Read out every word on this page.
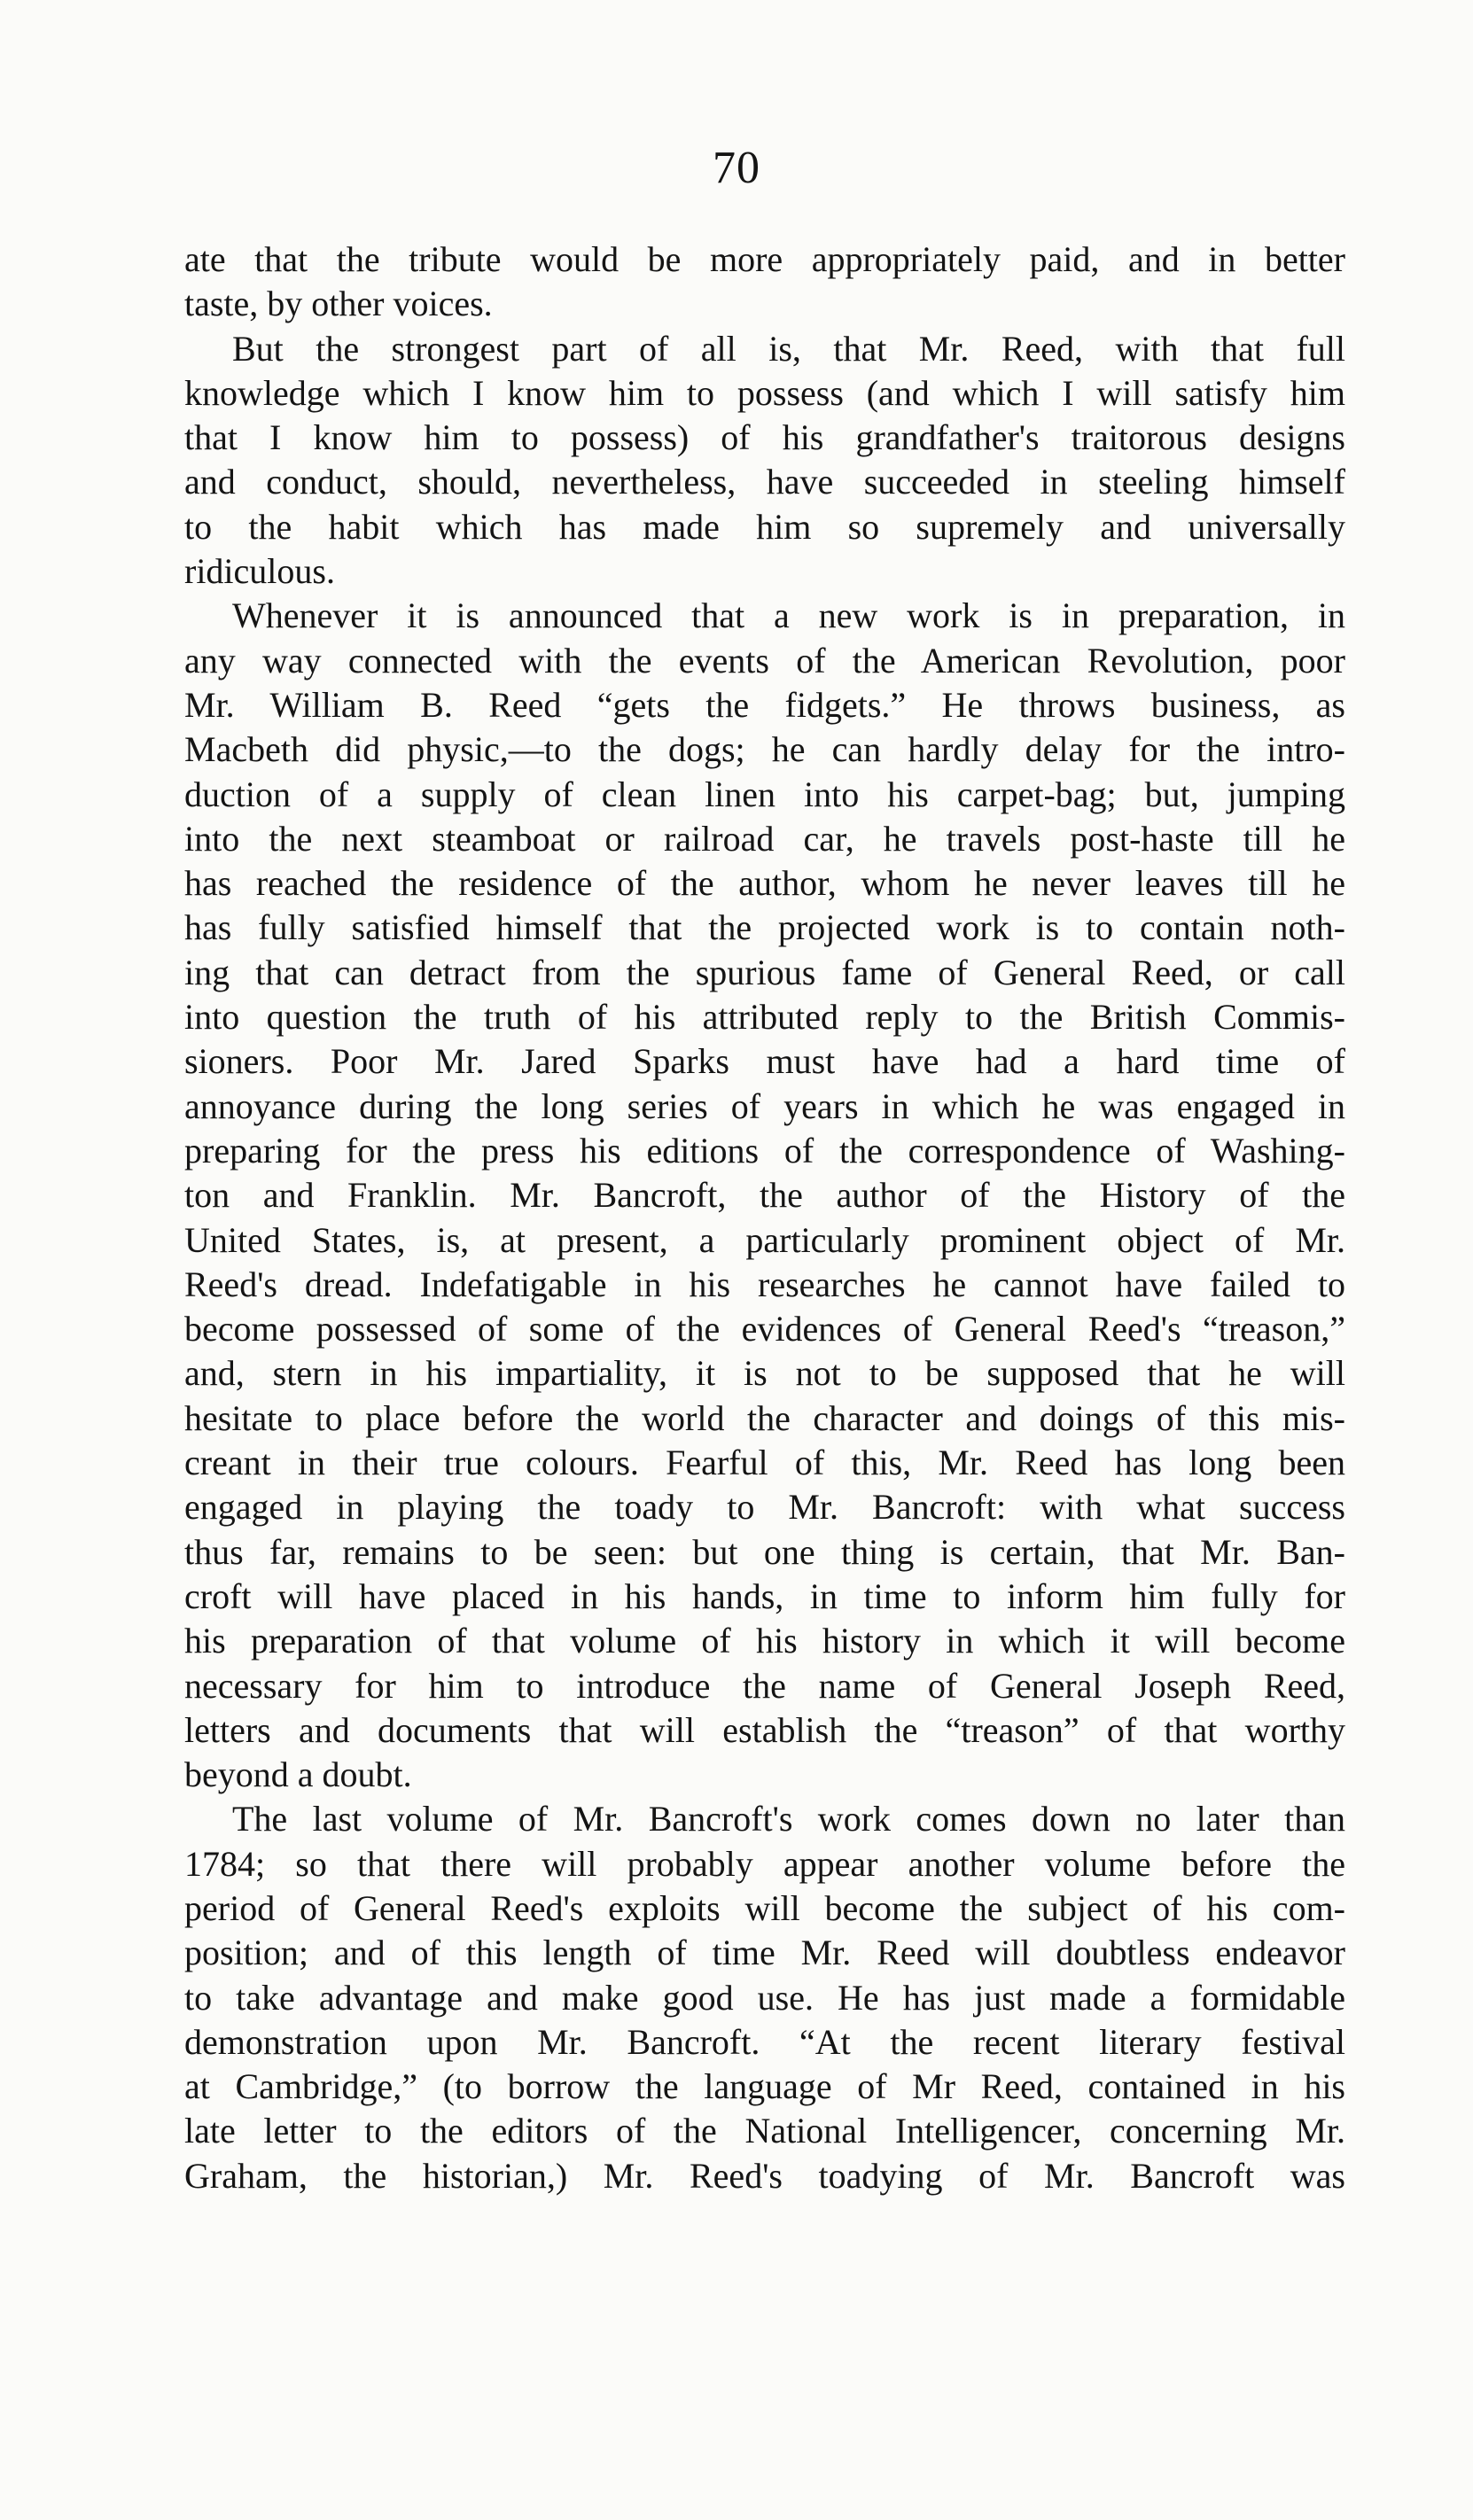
70
ate that the tribute would be more appropriately paid, and in better
taste, by other voices.
But the strongest part of all is, that Mr. Reed, with that full
knowledge which I know him to possess (and which I will satisfy him
that I know him to possess) of his grandfather's traitorous designs
and conduct, should, nevertheless, have succeeded in steeling himself
to the habit which has made him so supremely and universally
ridiculous.
Whenever it is announced that a new work is in preparation, in
any way connected with the events of the American Revolution, poor
Mr. William B. Reed “gets the fidgets.” He throws business, as
Macbeth did physic,—to the dogs; he can hardly delay for the intro-
duction of a supply of clean linen into his carpet-bag; but, jumping
into the next steamboat or railroad car, he travels post-haste till he
has reached the residence of the author, whom he never leaves till he
has fully satisfied himself that the projected work is to contain noth-
ing that can detract from the spurious fame of General Reed, or call
into question the truth of his attributed reply to the British Commis-
sioners. Poor Mr. Jared Sparks must have had a hard time of
annoyance during the long series of years in which he was engaged in
preparing for the press his editions of the correspondence of Washing-
ton and Franklin. Mr. Bancroft, the author of the History of the
United States, is, at present, a particularly prominent object of Mr.
Reed's dread. Indefatigable in his researches he cannot have failed to
become possessed of some of the evidences of General Reed's “treason,”
and, stern in his impartiality, it is not to be supposed that he will
hesitate to place before the world the character and doings of this mis-
creant in their true colours. Fearful of this, Mr. Reed has long been
engaged in playing the toady to Mr. Bancroft: with what success
thus far, remains to be seen: but one thing is certain, that Mr. Ban-
croft will have placed in his hands, in time to inform him fully for
his preparation of that volume of his history in which it will become
necessary for him to introduce the name of General Joseph Reed,
letters and documents that will establish the “treason” of that worthy
beyond a doubt.
The last volume of Mr. Bancroft's work comes down no later than
1784; so that there will probably appear another volume before the
period of General Reed's exploits will become the subject of his com-
position; and of this length of time Mr. Reed will doubtless endeavor
to take advantage and make good use. He has just made a formidable
demonstration upon Mr. Bancroft. “At the recent literary festival
at Cambridge,” (to borrow the language of Mr Reed, contained in his
late letter to the editors of the National Intelligencer, concerning Mr.
Graham, the historian,) Mr. Reed's toadying of Mr. Bancroft was
